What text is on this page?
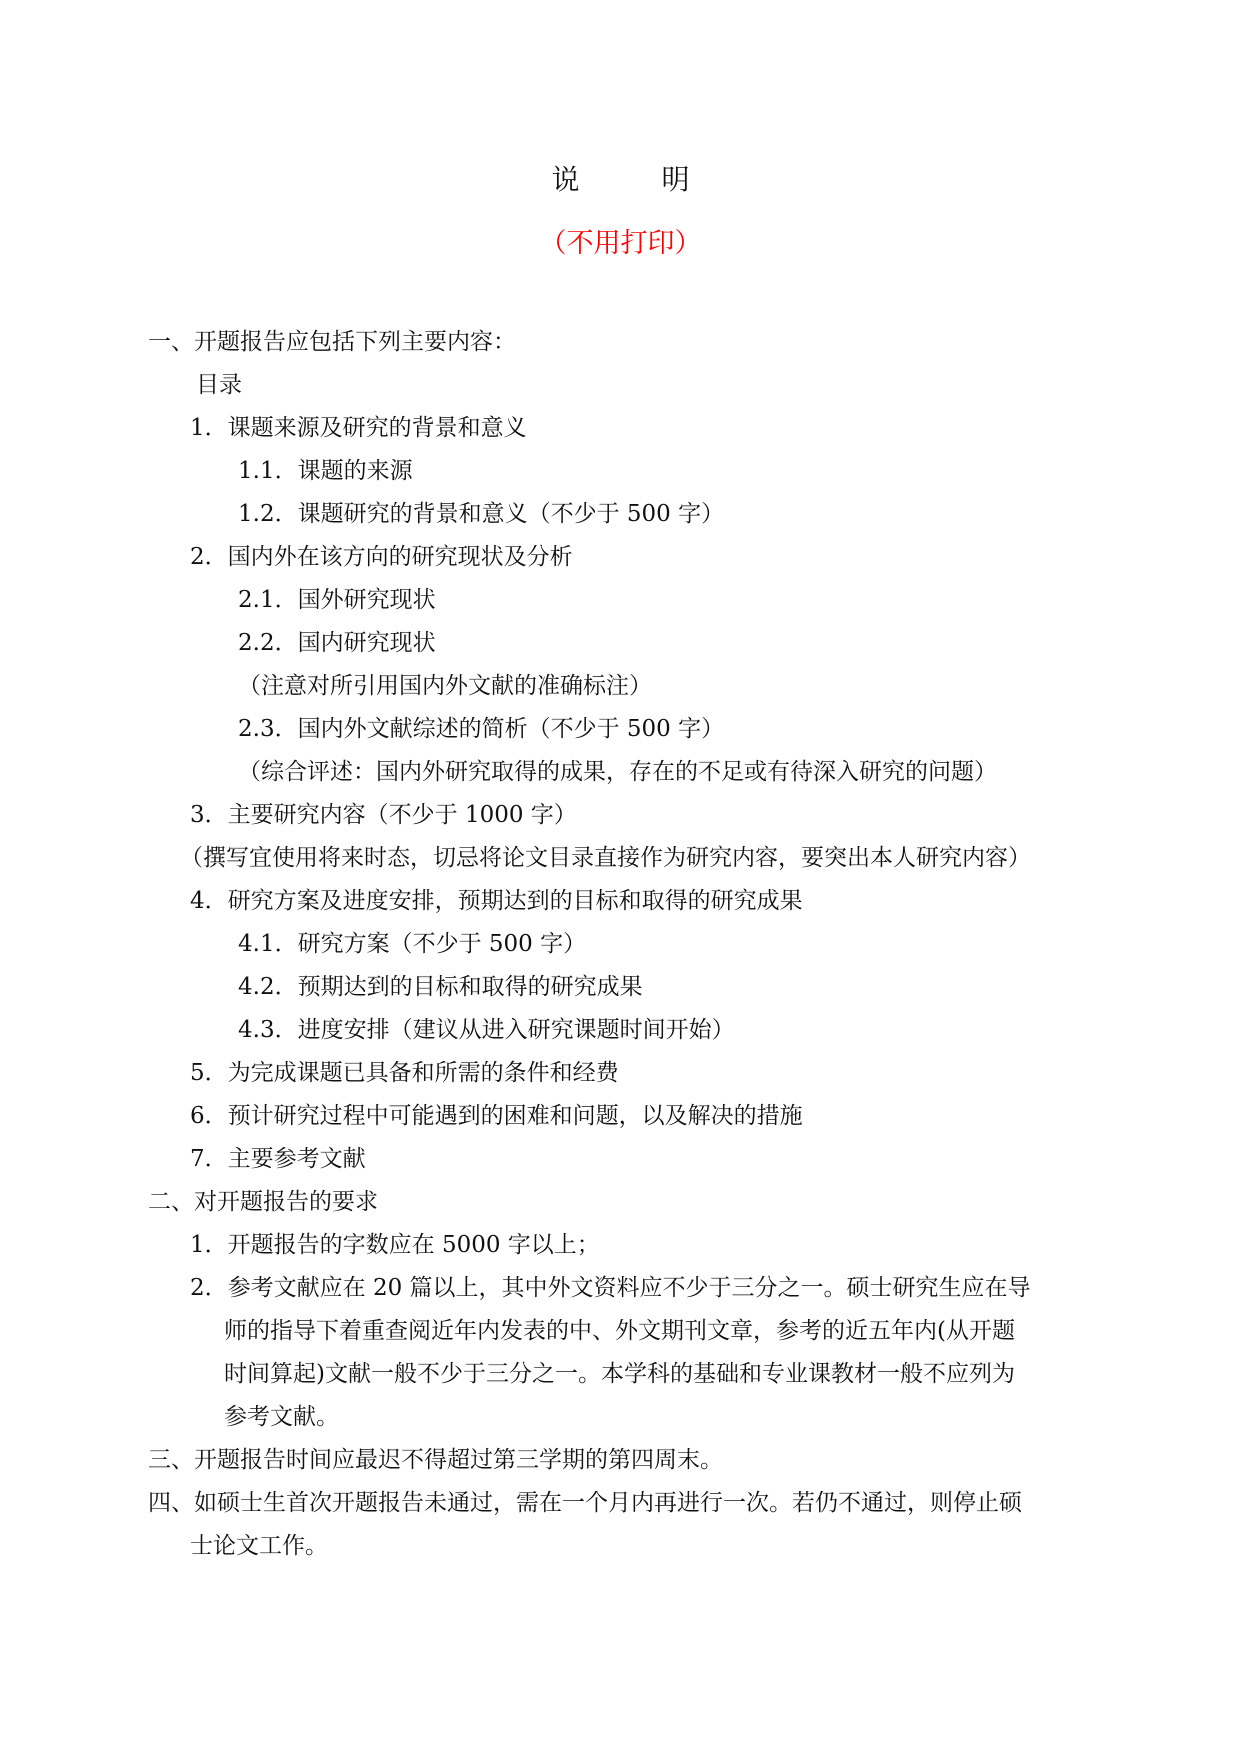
说	明
（不用打印）
一、开题报告应包括下列主要内容：
目录
1．课题来源及研究的背景和意义
1.1．课题的来源
1.2．课题研究的背景和意义（不少于 500 字）
2．国内外在该方向的研究现状及分析
2.1．国外研究现状
2.2．国内研究现状
（注意对所引用国内外文献的准确标注）
2.3．国内外文献综述的简析（不少于 500 字）
（综合评述：国内外研究取得的成果，存在的不足或有待深入研究的问题）
3．主要研究内容（不少于 1000 字）
（撰写宜使用将来时态，切忌将论文目录直接作为研究内容，要突出本人研究内容）
4．研究方案及进度安排，预期达到的目标和取得的研究成果
4.1．研究方案（不少于 500 字）
4.2．预期达到的目标和取得的研究成果
4.3．进度安排（建议从进入研究课题时间开始）
5．为完成课题已具备和所需的条件和经费
6．预计研究过程中可能遇到的困难和问题，以及解决的措施
7．主要参考文献
二、对开题报告的要求
1．开题报告的字数应在 5000 字以上；
2．参考文献应在 20 篇以上，其中外文资料应不少于三分之一。硕士研究生应在导
师的指导下着重查阅近年内发表的中、外文期刊文章，参考的近五年内(从开题
时间算起)文献一般不少于三分之一。本学科的基础和专业课教材一般不应列为
参考文献。
三、开题报告时间应最迟不得超过第三学期的第四周末。
四、如硕士生首次开题报告未通过，需在一个月内再进行一次。若仍不通过，则停止硕
士论文工作。
